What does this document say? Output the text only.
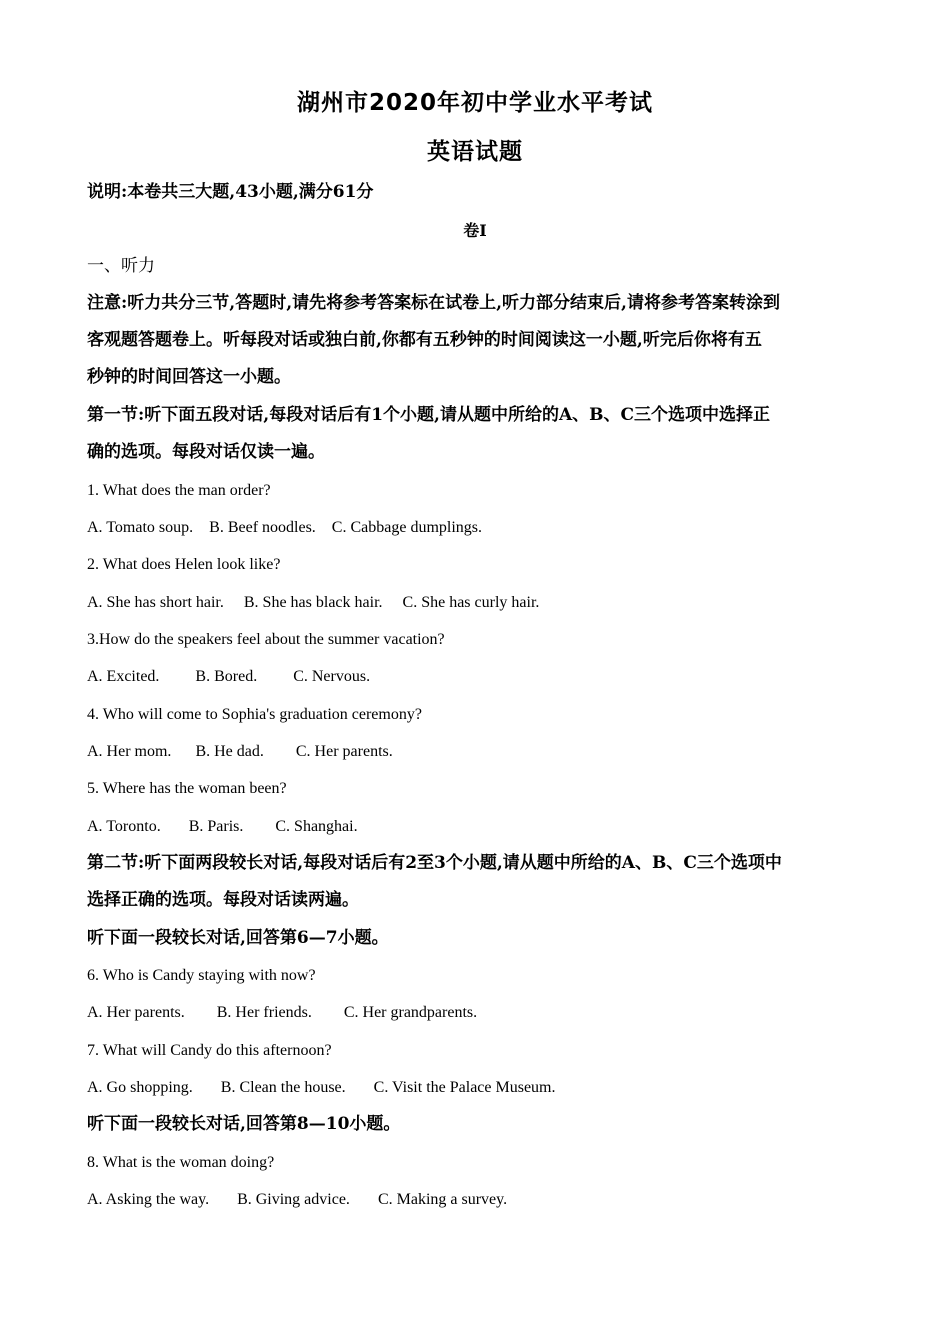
湖州市2020年初中学业水平考试
英语试题
说明:本卷共三大题,43小题,满分61分
卷I
一、听力
注意:听力共分三节,答题时,请先将参考答案标在试卷上,听力部分结束后,请将参考答案转涂到
客观题答题卷上。听每段对话或独白前,你都有五秒钟的时间阅读这一小题,听完后你将有五
秒钟的时间回答这一小题。
第一节:听下面五段对话,每段对话后有1个小题,请从题中所给的A、B、C三个选项中选择正
确的选项。每段对话仅读一遍。
1. What does the man order?
A. Tomato soup. B. Beef noodles. C. Cabbage dumplings.
2. What does Helen look like?
A. She has short hair. B. She has black hair. C. She has curly hair.
3.How do the speakers feel about the summer vacation?
A. Excited. B. Bored. C. Nervous.
4. Who will come to Sophia's graduation ceremony?
A. Her mom. B. He dad. C. Her parents.
5. Where has the woman been?
A. Toronto. B. Paris. C. Shanghai.
第二节:听下面两段较长对话,每段对话后有2至3个小题,请从题中所给的A、B、C三个选项中
选择正确的选项。每段对话读两遍。
听下面一段较长对话,回答第6—7小题。
6. Who is Candy staying with now?
A. Her parents. B. Her friends. C. Her grandparents.
7. What will Candy do this afternoon?
A. Go shopping. B. Clean the house. C. Visit the Palace Museum.
听下面一段较长对话,回答第8—10小题。
8. What is the woman doing?
A. Asking the way. B. Giving advice. C. Making a survey.
